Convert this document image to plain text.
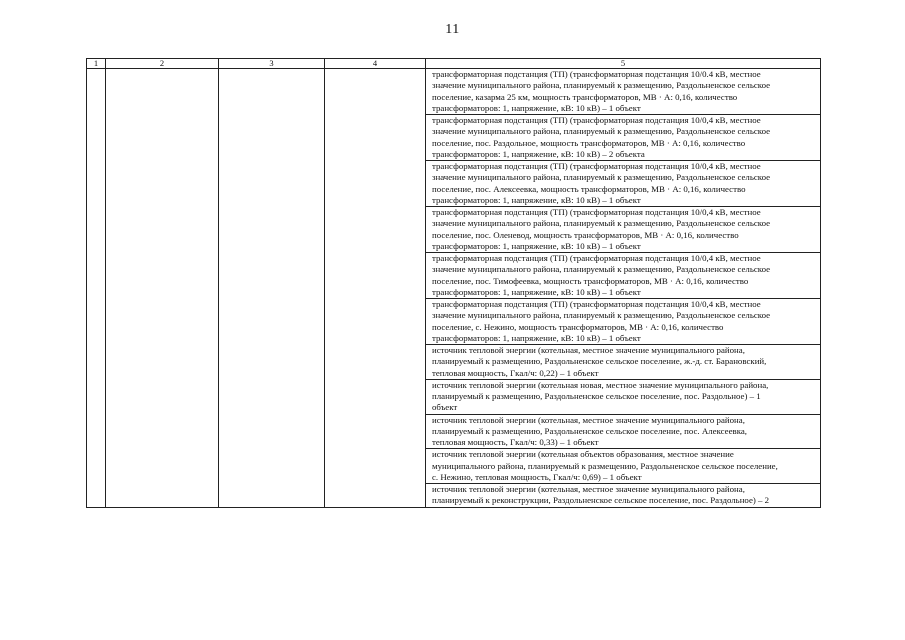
11
1	2	3	4	5
				трансформаторная подстанция (ТП) (трансформаторная подстанция 10/0.4 кВ, местное
значение муниципального района, планируемый к размещению, Раздольненское сельское
поселение, казарма 25 км, мощность трансформаторов, МВ · А: 0,16, количество
трансформаторов: 1, напряжение, кВ: 10 кВ) – 1 объект
				трансформаторная подстанция (ТП) (трансформаторная подстанция 10/0,4 кВ, местное
значение муниципального района, планируемый к размещению, Раздольненское сельское
поселение, пос. Раздольное, мощность трансформаторов, МВ · А: 0,16, количество
трансформаторов: 1, напряжение, кВ: 10 кВ) – 2 объекта
				трансформаторная подстанция (ТП) (трансформаторная подстанция 10/0,4 кВ, местное
значение муниципального района, планируемый к размещению, Раздольненское сельское
поселение, пос. Алексеевка, мощность трансформаторов, МВ · А: 0,16, количество
трансформаторов: 1, напряжение, кВ: 10 кВ) – 1 объект
				трансформаторная подстанция (ТП) (трансформаторная подстанция 10/0,4 кВ, местное
значение муниципального района, планируемый к размещению, Раздольненское сельское
поселение, пос. Оленевод, мощность трансформаторов, МВ · А: 0,16, количество
трансформаторов: 1, напряжение, кВ: 10 кВ) – 1 объект
				трансформаторная подстанция (ТП) (трансформаторная подстанция 10/0,4 кВ, местное
значение муниципального района, планируемый к размещению, Раздольненское сельское
поселение, пос. Тимофеевка, мощность трансформаторов, МВ · А: 0,16, количество
трансформаторов: 1, напряжение, кВ: 10 кВ) – 1 объект
				трансформаторная подстанция (ТП) (трансформаторная подстанция 10/0,4 кВ, местное
значение муниципального района, планируемый к размещению, Раздольненское сельское
поселение, с. Нежино, мощность трансформаторов, МВ · А: 0,16, количество
трансформаторов: 1, напряжение, кВ: 10 кВ) – 1 объект
				источник тепловой энергии (котельная, местное значение муниципального района,
планируемый к размещению, Раздольненское сельское поселение, ж.-д. ст. Барановский,
тепловая мощность, Гкал/ч: 0,22) – 1 объект
				источник тепловой энергии (котельная новая, местное значение муниципального района,
планируемый к размещению, Раздольненское сельское поселение, пос. Раздольное) – 1
объект
				источник тепловой энергии (котельная, местное значение муниципального района,
планируемый к размещению, Раздольненское сельское поселение, пос. Алексеевка,
тепловая мощность, Гкал/ч: 0,33) – 1 объект
				источник тепловой энергии (котельная объектов образования, местное значение
муниципального района, планируемый к размещению, Раздольненское сельское поселение,
с. Нежино, тепловая мощность, Гкал/ч: 0,69) – 1 объект
				источник тепловой энергии (котельная, местное значение муниципального района,
планируемый к реконструкции, Раздольненское сельское поселение, пос. Раздольное) – 2
